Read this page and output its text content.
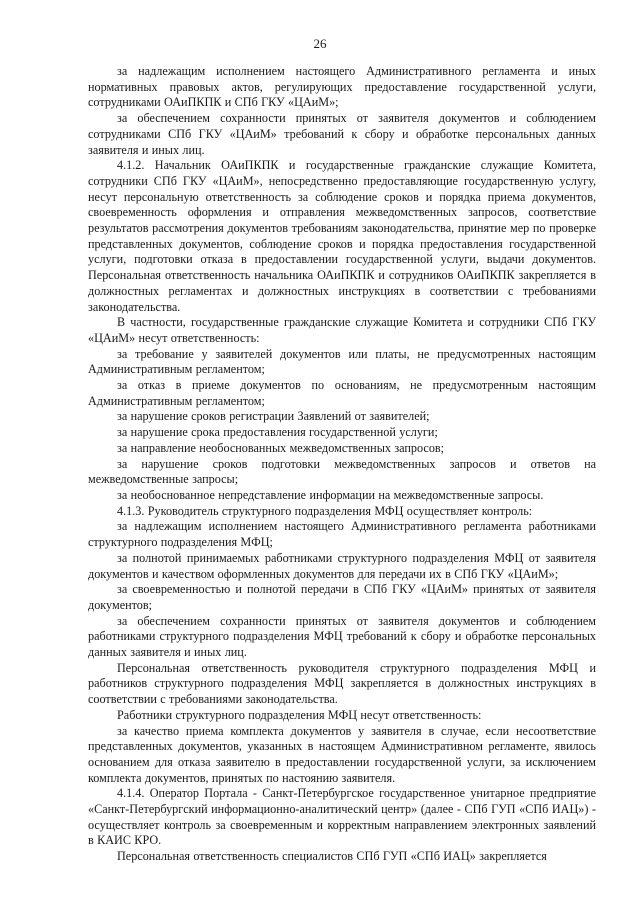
26

за надлежащим исполнением настоящего Административного регламента и иных нормативных правовых актов, регулирующих предоставление государственной услуги, сотрудниками ОАиПКПК и СПб ГКУ «ЦАиМ»;

за обеспечением сохранности принятых от заявителя документов и соблюдением сотрудниками СПб ГКУ «ЦАиМ» требований к сбору и обработке персональных данных заявителя и иных лиц.

4.1.2. Начальник ОАиПКПК и государственные гражданские служащие Комитета, сотрудники СПб ГКУ «ЦАиМ», непосредственно предоставляющие государственную услугу, несут персональную ответственность за соблюдение сроков и порядка приема документов, своевременность оформления и отправления межведомственных запросов, соответствие результатов рассмотрения документов требованиям законодательства, принятие мер по проверке представленных документов, соблюдение сроков и порядка предоставления государственной услуги, подготовки отказа в предоставлении государственной услуги, выдачи документов. Персональная ответственность начальника ОАиПКПК и сотрудников ОАиПКПК закрепляется в должностных регламентах и должностных инструкциях в соответствии с требованиями законодательства.

В частности, государственные гражданские служащие Комитета и сотрудники СПб ГКУ «ЦАиМ» несут ответственность:

за требование у заявителей документов или платы, не предусмотренных настоящим Административным регламентом;

за отказ в приеме документов по основаниям, не предусмотренным настоящим Административным регламентом;

за нарушение сроков регистрации Заявлений от заявителей;

за нарушение срока предоставления государственной услуги;

за направление необоснованных межведомственных запросов;

за нарушение сроков подготовки межведомственных запросов и ответов на межведомственные запросы;

за необоснованное непредставление информации на межведомственные запросы.

4.1.3. Руководитель структурного подразделения МФЦ осуществляет контроль:

за надлежащим исполнением настоящего Административного регламента работниками структурного подразделения МФЦ;

за полнотой принимаемых работниками структурного подразделения МФЦ от заявителя документов и качеством оформленных документов для передачи их в СПб ГКУ «ЦАиМ»;

за своевременностью и полнотой передачи в СПб ГКУ «ЦАиМ» принятых от заявителя документов;

за обеспечением сохранности принятых от заявителя документов и соблюдением работниками структурного подразделения МФЦ требований к сбору и обработке персональных данных заявителя и иных лиц.

Персональная ответственность руководителя структурного подразделения МФЦ и работников структурного подразделения МФЦ закрепляется в должностных инструкциях в соответствии с требованиями законодательства.

Работники структурного подразделения МФЦ несут ответственность:

за качество приема комплекта документов у заявителя в случае, если несоответствие представленных документов, указанных в настоящем Административном регламенте, явилось основанием для отказа заявителю в предоставлении государственной услуги, за исключением комплекта документов, принятых по настоянию заявителя.

4.1.4. Оператор Портала - Санкт-Петербургское государственное унитарное предприятие «Санкт-Петербургский информационно-аналитический центр» (далее - СПб ГУП «СПб ИАЦ») - осуществляет контроль за своевременным и корректным направлением электронных заявлений в КАИС КРО.

Персональная ответственность специалистов СПб ГУП «СПб ИАЦ» закрепляется
